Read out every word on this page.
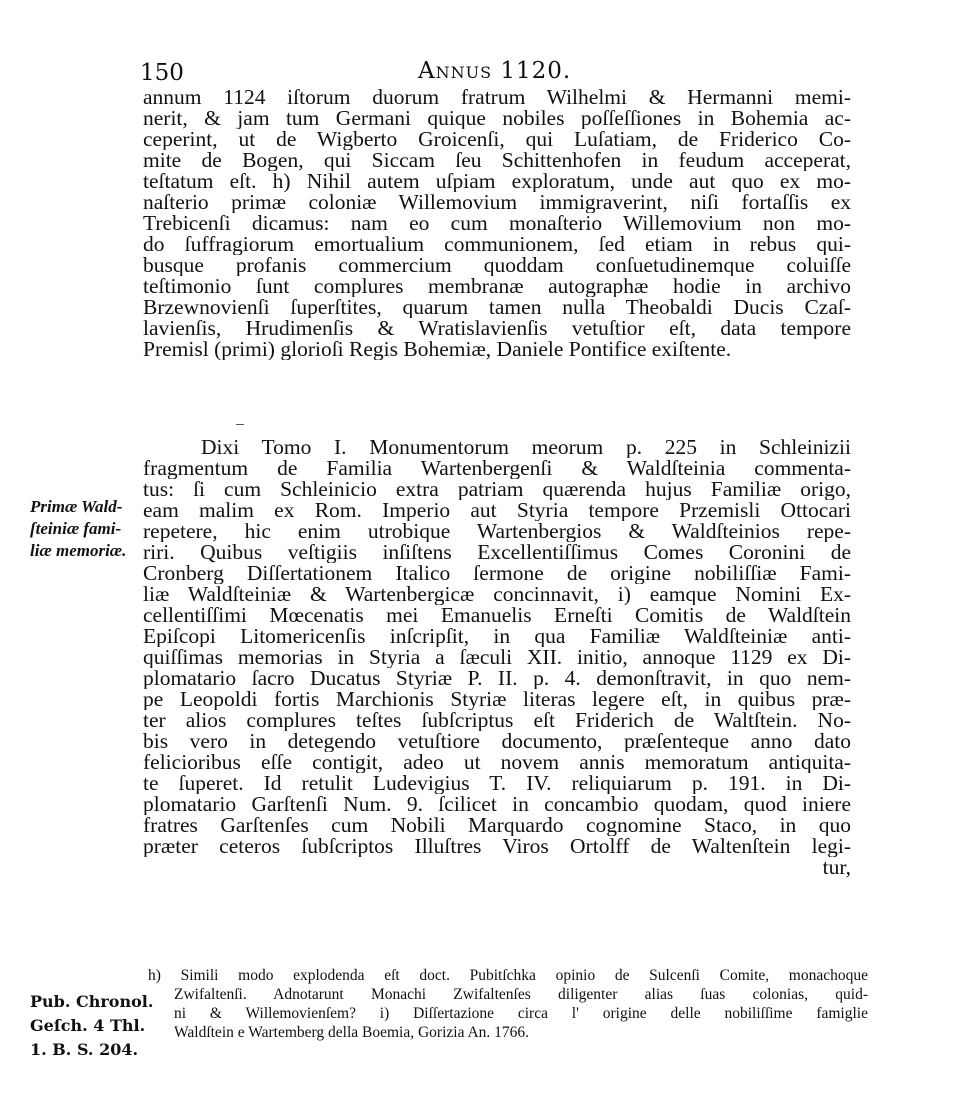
150	Annus 1120.
annum 1124 iſtorum duorum fratrum Wilhelmi & Hermanni memi-
nerit, & jam tum Germani quique nobiles poſſeſſiones in Bohemia ac-
ceperint, ut de Wigberto Groicenſi, qui Luſatiam, de Friderico Co-
mite de Bogen, qui Siccam ſeu Schittenhofen in feudum acceperat,
teſtatum eſt. h) Nihil autem uſpiam exploratum, unde aut quo ex mo-
naſterio primæ coloniæ Willemovium immigraverint, niſi fortaſſis ex
Trebicenſi dicamus: nam eo cum monaſterio Willemovium non mo-
do ſuffragiorum emortualium communionem, ſed etiam in rebus qui-
busque profanis commercium quoddam conſuetudinemque coluiſſe
teſtimonio ſunt complures membranæ autographæ hodie in archivo
Brzewnovienſi ſuperſtites, quarum tamen nulla Theobaldi Ducis Czaſ-
lavienſis, Hrudimenſis & Wratislavienſis vetuſtior eſt, data tempore
Premisl (primi) glorioſi Regis Bohemiæ, Daniele Pontifice exiſtente.
Dixi Tomo I. Monumentorum meorum p. 225 in Schleinizii
fragmentum de Familia Wartenbergenſi & Waldſteinia commenta-
tus: ſi cum Schleinicio extra patriam quærenda hujus Familiæ origo,
eam malim ex Rom. Imperio aut Styria tempore Przemisli Ottocari
repetere, hic enim utrobique Wartenbergios & Waldſteinios repe-
riri. Quibus veſtigiis inſiſtens Excellentiſſimus Comes Coronini de
Cronberg Diſſertationem Italico ſermone de origine nobiliſſiæ Fami-
liæ Waldſteiniæ & Wartenbergicæ concinnavit, i) eamque Nomini Ex-
cellentiſſimi Mœcenatis mei Emanuelis Erneſti Comitis de Waldſtein
Epiſcopi Litomericenſis inſcripſit, in qua Familiæ Waldſteiniæ anti-
quiſſimas memorias in Styria a ſæculi XII. initio, annoque 1129 ex Di-
plomatario ſacro Ducatus Styriæ P. II. p. 4. demonſtravit, in quo nem-
pe Leopoldi fortis Marchionis Styriæ literas legere eſt, in quibus præ-
ter alios complures teſtes ſubſcriptus eſt Friderich de Waltſtein. No-
bis vero in detegendo vetuſtiore documento, præſenteque anno dato
felicioribus eſſe contigit, adeo ut novem annis memoratum antiquita-
te ſuperet. Id retulit Ludevigius T. IV. reliquiarum p. 191. in Di-
plomatario Garſtenſi Num. 9. ſcilicet in concambio quodam, quod iniere
fratres Garſtenſes cum Nobili Marquardo cognomine Staco, in quo
præter ceteros ſubſcriptos Illuſtres Viros Ortolff de Waltenſtein legi-
tur,
Primæ Wald-
ſteiniæ fami-
liæ memoriæ.
Pub. Chronol.
Geſch. 4 Thl.
1. B. S. 204.
h) Simili modo explodenda eſt doct. Pubitſchka opinio de Sulcenſi Comite, monachoque
Zwifaltenſi. Adnotarunt Monachi Zwifaltenſes diligenter alias ſuas colonias, quid-
ni & Willemovienſem? i) Diſſertazione circa l' origine delle nobiliſſime famiglie
Waldſtein e Wartemberg della Boemia, Gorizia An. 1766.
